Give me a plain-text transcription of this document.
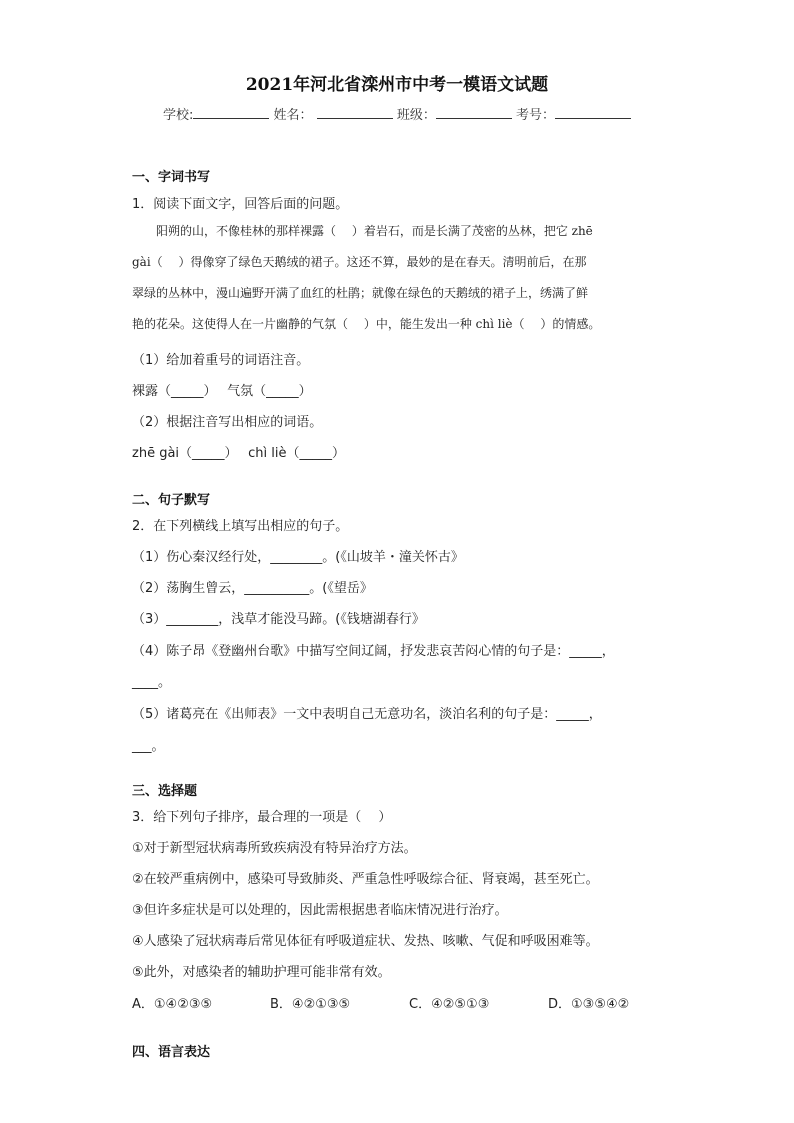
2021年河北省滦州市中考一模语文试题
学校:	姓名：	班级：	考号：
一、字词书写
1．阅读下面文字，回答后面的问题。

　　阳朔的山，不像桂林的那样裸露（　 ）着岩石，而是长满了茂密的丛林，把它 zhē

gài（　 ）得像穿了绿色天鹅绒的裙子。这还不算，最妙的是在春天。清明前后，在那

翠绿的丛林中，漫山遍野开满了血红的杜鹃；就像在绿色的天鹅绒的裙子上，绣满了鲜

艳的花朵。这使得人在一片幽静的气氛（　 ）中，能生发出一种 chì liè（　 ）的情感。

（1）给加着重号的词语注音。
裸露（_____）　 气氛（_____）
（2）根据注音写出相应的词语。
zhē gài（_____）　 chì liè（_____）
二、句子默写
2．在下列横线上填写出相应的句子。
（1）伤心秦汉经行处，________。(《山坡羊・潼关怀古》
（2）荡胸生曾云，__________。(《望岳》
（3）________，浅草才能没马蹄。(《钱塘湖春行》
（4）陈子昂《登幽州台歌》中描写空间辽阔，抒发悲哀苦闷心情的句子是：_____，
____。
（5）诸葛亮在《出师表》一文中表明自己无意功名，淡泊名利的句子是：_____，
___。
三、选择题
3．给下列句子排序，最合理的一项是（　 ）
①对于新型冠状病毒所致疾病没有特异治疗方法。
②在较严重病例中，感染可导致肺炎、严重急性呼吸综合征、肾衰竭，甚至死亡。
③但许多症状是可以处理的，因此需根据患者临床情况进行治疗。
④人感染了冠状病毒后常见体征有呼吸道症状、发热、咳嗽、气促和呼吸困难等。
⑤此外，对感染者的辅助护理可能非常有效。
A．①④②③⑤	B．④②①③⑤	C．④②⑤①③	D．①③⑤④②
四、语言表达
